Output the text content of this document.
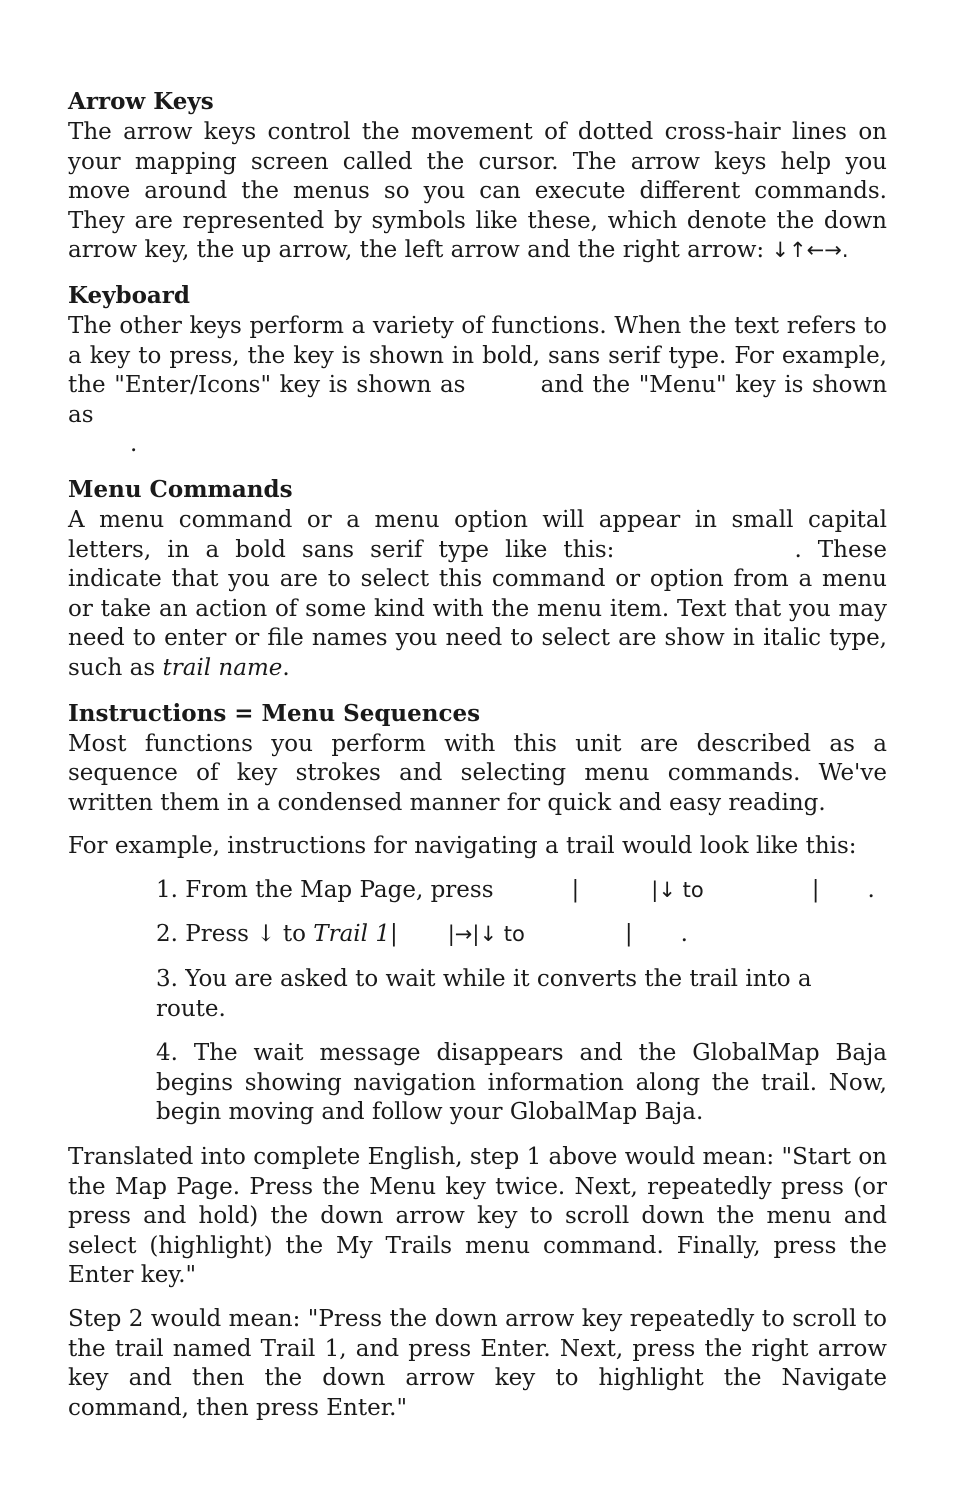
Arrow Keys

The arrow keys control the movement of dotted cross-hair lines on your mapping screen called the cursor. The arrow keys help you move around the menus so you can execute different commands. They are represented by symbols like these, which denote the down arrow key, the up arrow, the left arrow and the right arrow: ↓↑←→.

Keyboard

The other keys perform a variety of functions. When the text refers to a key to press, the key is shown in bold, sans serif type. For example, the "Enter/Icons" key is shown as	and the "Menu" key is shown as
.

Menu Commands

A menu command or a menu option will appear in small capital letters, in a bold sans serif type like this:	. These indicate that you are to select this command or option from a menu or take an action of some kind with the menu item. Text that you may need to enter or file names you need to select are show in italic type, such as trail name.

Instructions = Menu Sequences

Most functions you perform with this unit are described as a sequence of key strokes and selecting menu commands. We've written them in a condensed manner for quick and easy reading.

For example, instructions for navigating a trail would look like this:

1. From the Map Page, press	|	|↓ to	| .
2. Press ↓ to Trail 1| |→|↓ to	| .
3. You are asked to wait while it converts the trail into a route.
4. The wait message disappears and the GlobalMap Baja begins showing navigation information along the trail. Now, begin moving and follow your GlobalMap Baja.

Translated into complete English, step 1 above would mean: "Start on the Map Page. Press the Menu key twice. Next, repeatedly press (or press and hold) the down arrow key to scroll down the menu and select (highlight) the My Trails menu command. Finally, press the Enter key."

Step 2 would mean: "Press the down arrow key repeatedly to scroll to the trail named Trail 1, and press Enter. Next, press the right arrow key and then the down arrow key to highlight the Navigate command, then press Enter."
